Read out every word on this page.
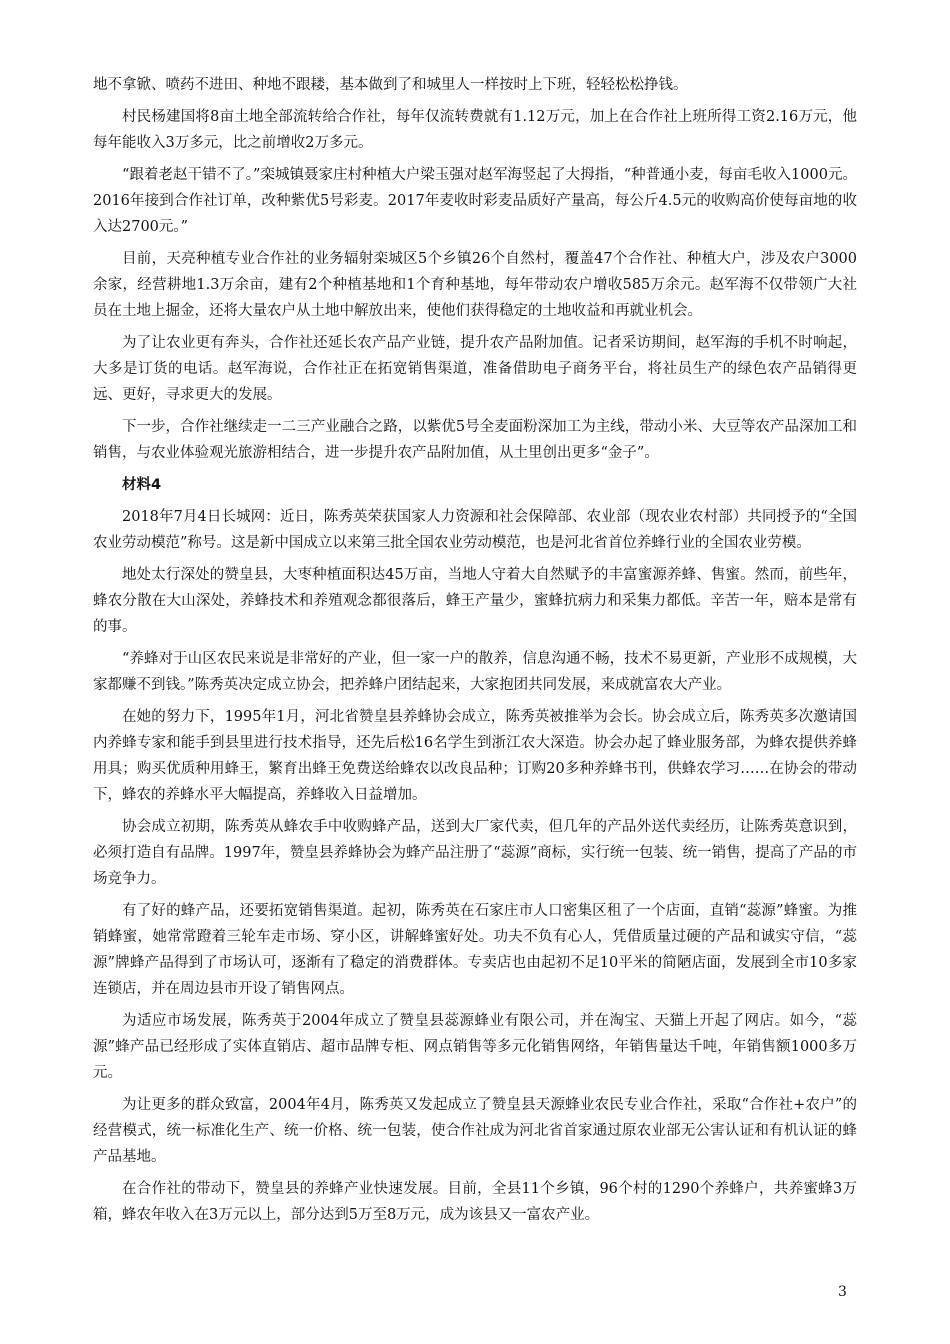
地不拿锨、喷药不进田、种地不跟耧，基本做到了和城里人一样按时上下班，轻轻松松挣钱。

村民杨建国将8亩土地全部流转给合作社，每年仅流转费就有1.12万元，加上在合作社上班所得工资2.16万元，他每年能收入3万多元，比之前增收2万多元。

“跟着老赵干错不了。”栾城镇聂家庄村种植大户梁玉强对赵军海竖起了大拇指，“种普通小麦，每亩毛收入1000元。2016年接到合作社订单，改种紫优5号彩麦。2017年麦收时彩麦品质好产量高，每公斤4.5元的收购高价使每亩地的收入达2700元。”

目前，天亮种植专业合作社的业务辐射栾城区5个乡镇26个自然村，覆盖47个合作社、种植大户，涉及农户3000余家，经营耕地1.3万余亩，建有2个种植基地和1个育种基地，每年带动农户增收585万余元。赵军海不仅带领广大社员在土地上掘金，还将大量农户从土地中解放出来，使他们获得稳定的土地收益和再就业机会。

为了让农业更有奔头，合作社还延长农产品产业链，提升农产品附加值。记者采访期间，赵军海的手机不时响起，大多是订货的电话。赵军海说，合作社正在拓宽销售渠道，准备借助电子商务平台，将社员生产的绿色农产品销得更远、更好，寻求更大的发展。

下一步，合作社继续走一二三产业融合之路，以紫优5号全麦面粉深加工为主线，带动小米、大豆等农产品深加工和销售，与农业体验观光旅游相结合，进一步提升农产品附加值，从土里创出更多“金子”。

材料4

2018年7月4日长城网：近日，陈秀英荣获国家人力资源和社会保障部、农业部（现农业农村部）共同授予的“全国农业劳动模范”称号。这是新中国成立以来第三批全国农业劳动模范，也是河北省首位养蜂行业的全国农业劳模。

地处太行深处的赞皇县，大枣种植面积达45万亩，当地人守着大自然赋予的丰富蜜源养蜂、售蜜。然而，前些年，蜂农分散在大山深处，养蜂技术和养殖观念都很落后，蜂王产量少，蜜蜂抗病力和采集力都低。辛苦一年，赔本是常有的事。

“养蜂对于山区农民来说是非常好的产业，但一家一户的散养，信息沟通不畅，技术不易更新，产业形不成规模，大家都赚不到钱。”陈秀英决定成立协会，把养蜂户团结起来，大家抱团共同发展，来成就富农大产业。

在她的努力下，1995年1月，河北省赞皇县养蜂协会成立，陈秀英被推举为会长。协会成立后，陈秀英多次邀请国内养蜂专家和能手到县里进行技术指导，还先后松16名学生到浙江农大深造。协会办起了蜂业服务部，为蜂农提供养蜂用具；购买优质种用蜂王，繁育出蜂王免费送给蜂农以改良品种；订购20多种养蜂书刊，供蜂农学习……在协会的带动下，蜂农的养蜂水平大幅提高，养蜂收入日益增加。

协会成立初期，陈秀英从蜂农手中收购蜂产品，送到大厂家代卖，但几年的产品外送代卖经历，让陈秀英意识到，必须打造自有品牌。1997年，赞皇县养蜂协会为蜂产品注册了“蕊源”商标，实行统一包装、统一销售，提高了产品的市场竞争力。

有了好的蜂产品，还要拓宽销售渠道。起初，陈秀英在石家庄市人口密集区租了一个店面，直销“蕊源”蜂蜜。为推销蜂蜜，她常常蹬着三轮车走市场、穿小区，讲解蜂蜜好处。功夫不负有心人，凭借质量过硬的产品和诚实守信，“蕊源”牌蜂产品得到了市场认可，逐渐有了稳定的消费群体。专卖店也由起初不足10平米的简陋店面，发展到全市10多家连锁店，并在周边县市开设了销售网点。

为适应市场发展，陈秀英于2004年成立了赞皇县蕊源蜂业有限公司，并在淘宝、天猫上开起了网店。如今，“蕊源”蜂产品已经形成了实体直销店、超市品牌专柜、网点销售等多元化销售网络，年销售量达千吨，年销售额1000多万元。

为让更多的群众致富，2004年4月，陈秀英又发起成立了赞皇县天源蜂业农民专业合作社，采取“合作社+农户”的经营模式，统一标准化生产、统一价格、统一包装，使合作社成为河北省首家通过原农业部无公害认证和有机认证的蜂产品基地。

在合作社的带动下，赞皇县的养蜂产业快速发展。目前，全县11个乡镇，96个村的1290个养蜂户，共养蜜蜂3万箱，蜂农年收入在3万元以上，部分达到5万至8万元，成为该县又一富农产业。

3
